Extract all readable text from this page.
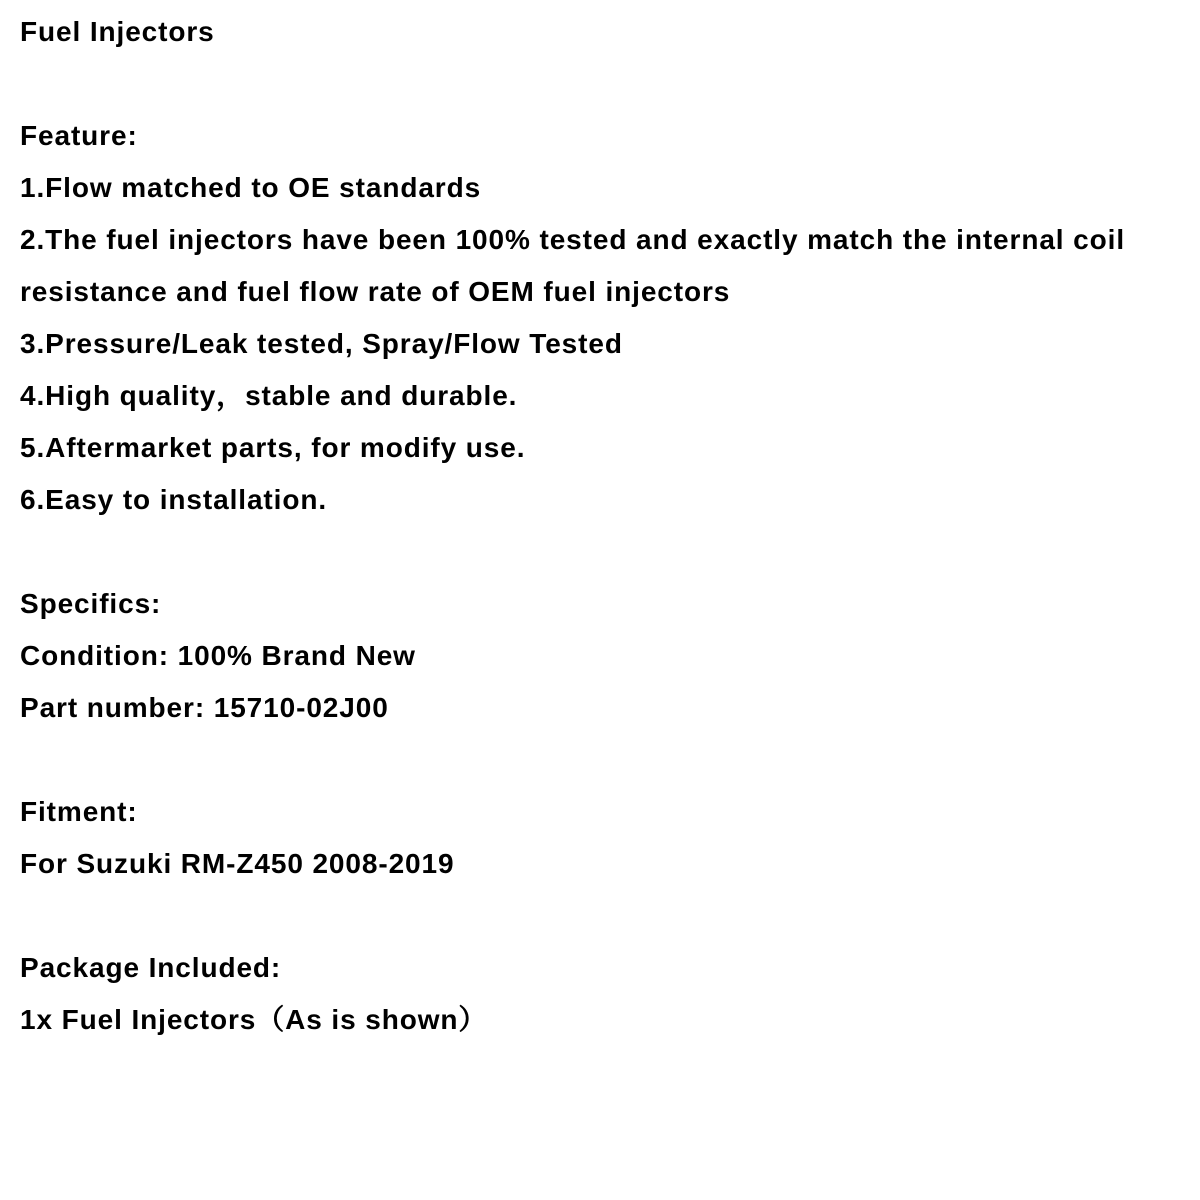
Fuel Injectors
Feature:
1.Flow matched to OE standards
2.The fuel injectors have been 100% tested and exactly match the internal coil
resistance and fuel flow rate of OEM fuel injectors
3.Pressure/Leak tested, Spray/Flow Tested
4.High quality，stable and durable.
5.Aftermarket parts, for modify use.
6.Easy to installation.
Specifics:
Condition: 100% Brand New
Part number: 15710-02J00
Fitment:
For Suzuki RM-Z450 2008-2019
Package Included:
1x Fuel Injectors（As is shown）
